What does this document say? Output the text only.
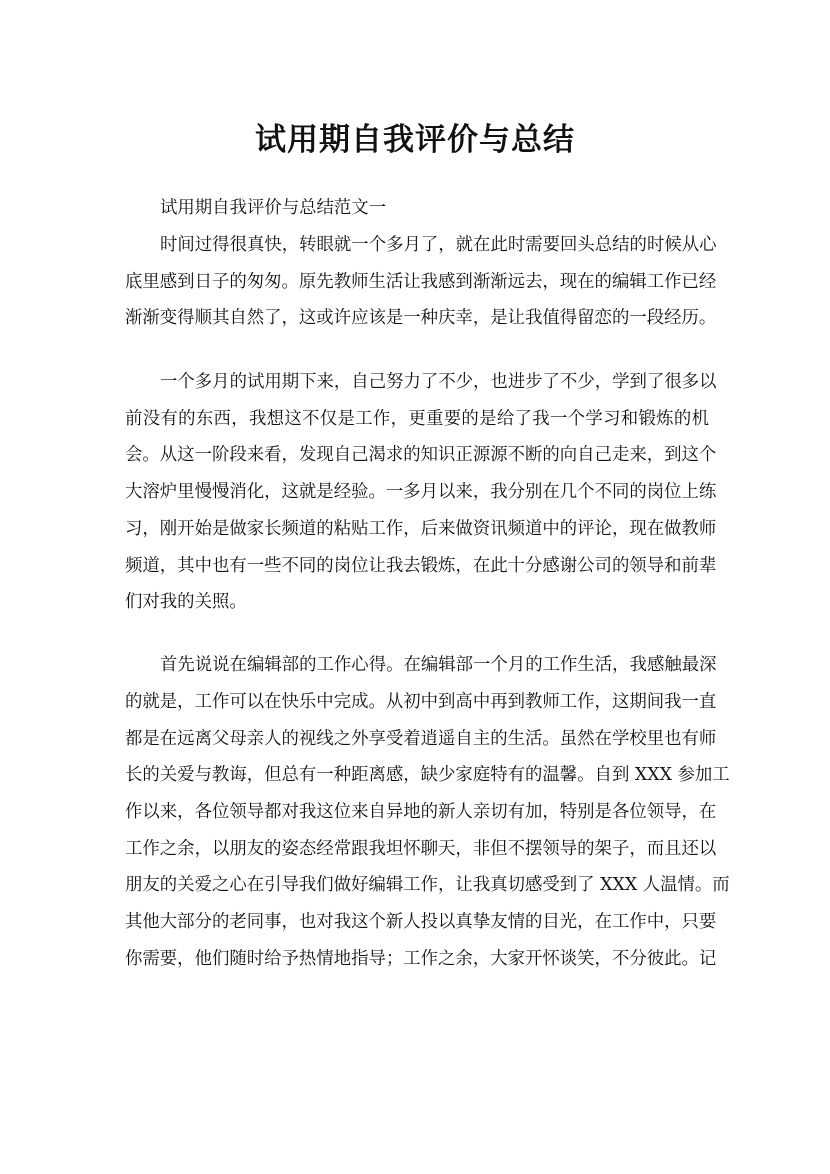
试用期自我评价与总结
试用期自我评价与总结范文一
时间过得很真快，转眼就一个多月了，就在此时需要回头总结的时候从心
底里感到日子的匆匆。原先教师生活让我感到渐渐远去，现在的编辑工作已经
渐渐变得顺其自然了，这或许应该是一种庆幸，是让我值得留恋的一段经历。
一个多月的试用期下来，自己努力了不少，也进步了不少，学到了很多以
前没有的东西，我想这不仅是工作，更重要的是给了我一个学习和锻炼的机
会。从这一阶段来看，发现自己渴求的知识正源源不断的向自己走来，到这个
大溶炉里慢慢消化，这就是经验。一多月以来，我分别在几个不同的岗位上练
习，刚开始是做家长频道的粘贴工作，后来做资讯频道中的评论，现在做教师
频道，其中也有一些不同的岗位让我去锻炼，在此十分感谢公司的领导和前辈
们对我的关照。
首先说说在编辑部的工作心得。在编辑部一个月的工作生活，我感触最深
的就是，工作可以在快乐中完成。从初中到高中再到教师工作，这期间我一直
都是在远离父母亲人的视线之外享受着逍遥自主的生活。虽然在学校里也有师
长的关爱与教诲，但总有一种距离感，缺少家庭特有的温馨。自到 XXX 参加工
作以来，各位领导都对我这位来自异地的新人亲切有加，特别是各位领导，在
工作之余，以朋友的姿态经常跟我坦怀聊天，非但不摆领导的架子，而且还以
朋友的关爱之心在引导我们做好编辑工作，让我真切感受到了 XXX 人温情。而
其他大部分的老同事，也对我这个新人投以真挚友情的目光，在工作中，只要
你需要，他们随时给予热情地指导；工作之余，大家开怀谈笑，不分彼此。记
